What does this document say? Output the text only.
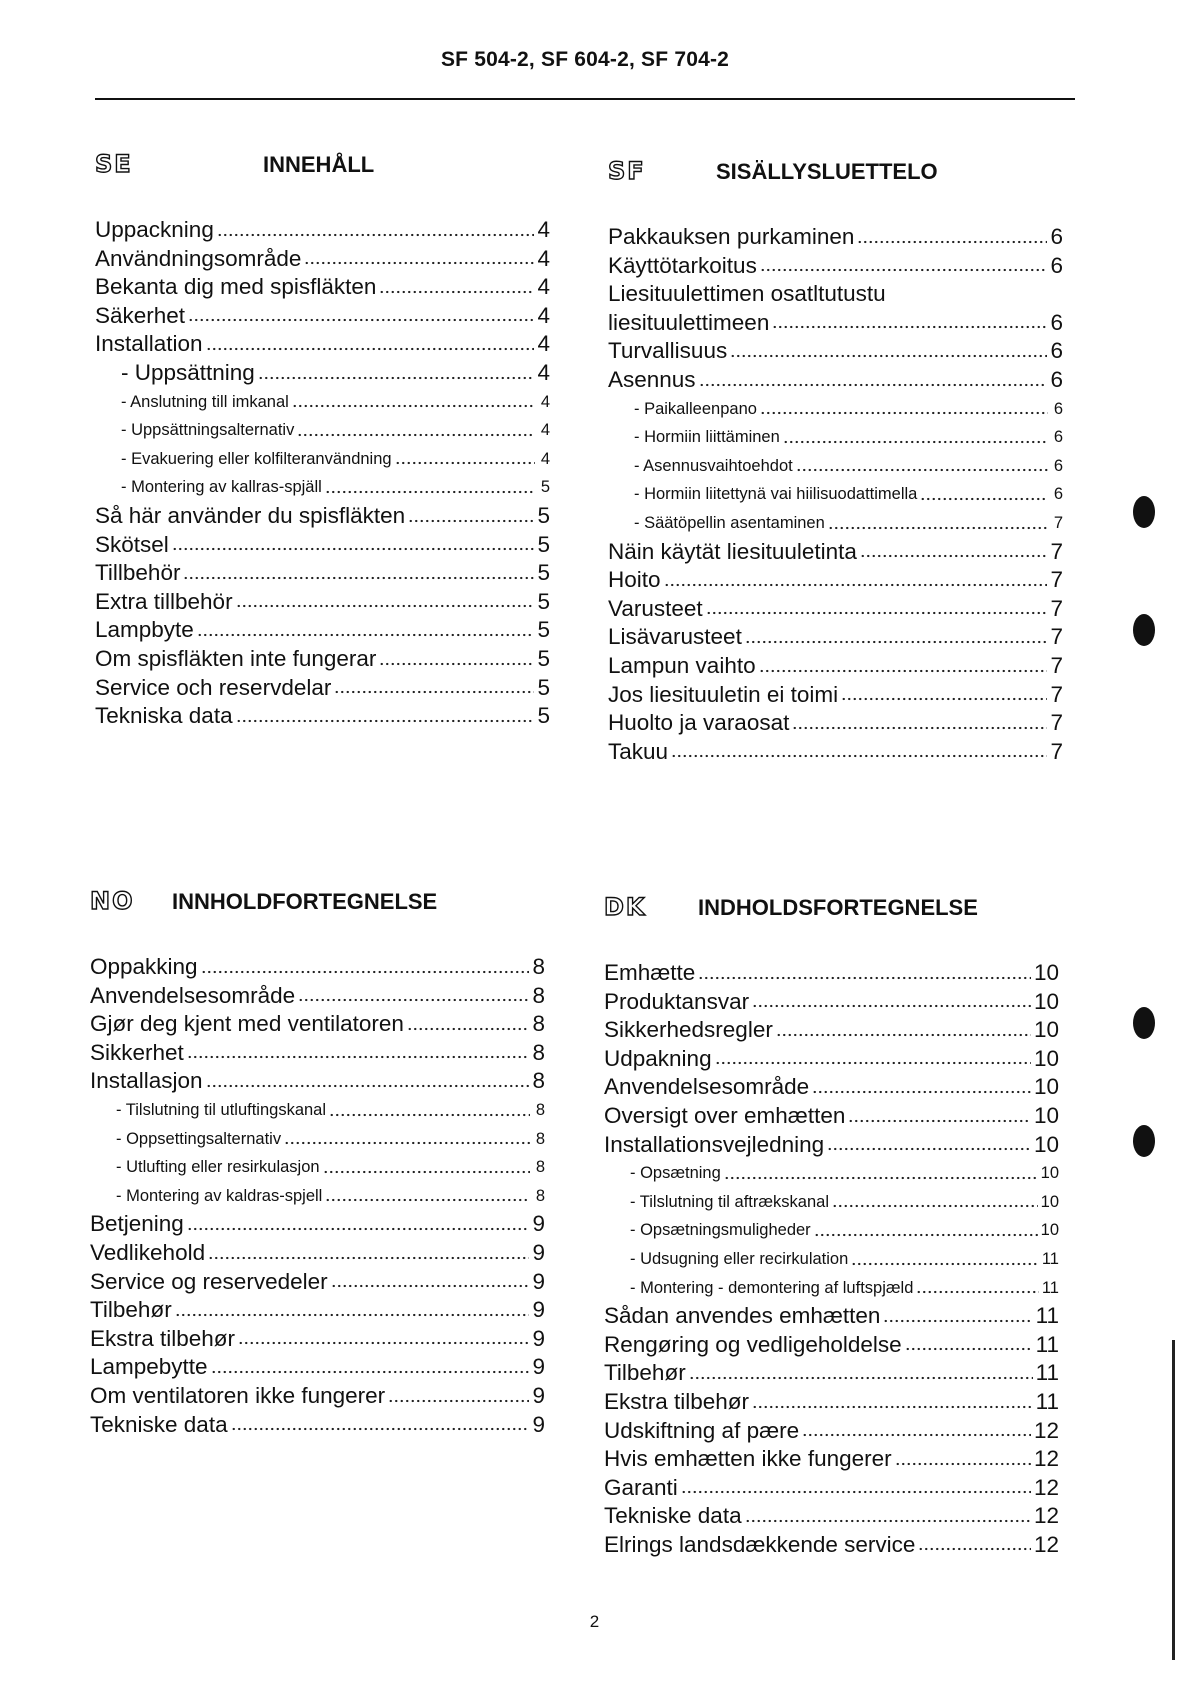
SF 504-2, SF 604-2, SF 704-2
SE	INNEHÅLL
Uppackning	4
Användningsområde	4
Bekanta dig med spisfläkten	4
Säkerhet	4
Installation	4
- Uppsättning	4
- Anslutning till imkanal	4
- Uppsättningsalternativ	4
- Evakuering eller kolfilteranvändning	4
- Montering av kallras-spjäll	5
Så här använder du spisfläkten	5
Skötsel	5
Tillbehör	5
Extra tillbehör	5
Lampbyte	5
Om spisfläkten inte fungerar	5
Service och reservdelar	5
Tekniska data	5
SF	SISÄLLYSLUETTELO
Pakkauksen purkaminen	6
Käyttötarkoitus	6
Liesituulettimen osatltutustu
liesituulettimeen	6
Turvallisuus	6
Asennus	6
- Paikalleenpano	6
- Hormiin liittäminen	6
- Asennusvaihtoehdot	6
- Hormiin liitettynä vai hiilisuodattimella	6
- Säätöpellin asentaminen	7
Näin käytät liesituuletinta	7
Hoito	7
Varusteet	7
Lisävarusteet	7
Lampun vaihto	7
Jos liesituuletin ei toimi	7
Huolto ja varaosat	7
Takuu	7
NO INNHOLDFORTEGNELSE
Oppakking	8
Anvendelsesområde	8
Gjør deg kjent med ventilatoren	8
Sikkerhet	8
Installasjon	8
- Tilslutning til utluftingskanal	8
- Oppsettingsalternativ	8
- Utlufting eller resirkulasjon	8
- Montering av kaldras-spjell	8
Betjening	9
Vedlikehold	9
Service og reservedeler	9
Tilbehør	9
Ekstra tilbehør	9
Lampebytte	9
Om ventilatoren ikke fungerer	9
Tekniske data	9
DK INDHOLDSFORTEGNELSE
Emhætte	10
Produktansvar	10
Sikkerhedsregler	10
Udpakning	10
Anvendelsesområde	10
Oversigt over emhætten	10
Installationsvejledning	10
- Opsætning	10
- Tilslutning til aftrækskanal	10
- Opsætningsmuligheder	10
- Udsugning eller recirkulation	11
- Montering - demontering af luftspjæld	11
Sådan anvendes emhætten	11
Rengøring og vedligeholdelse	11
Tilbehør	11
Ekstra tilbehør	11
Udskiftning af pære	12
Hvis emhætten ikke fungerer	12
Garanti	12
Tekniske data	12
Elrings landsdækkende service	12
2
